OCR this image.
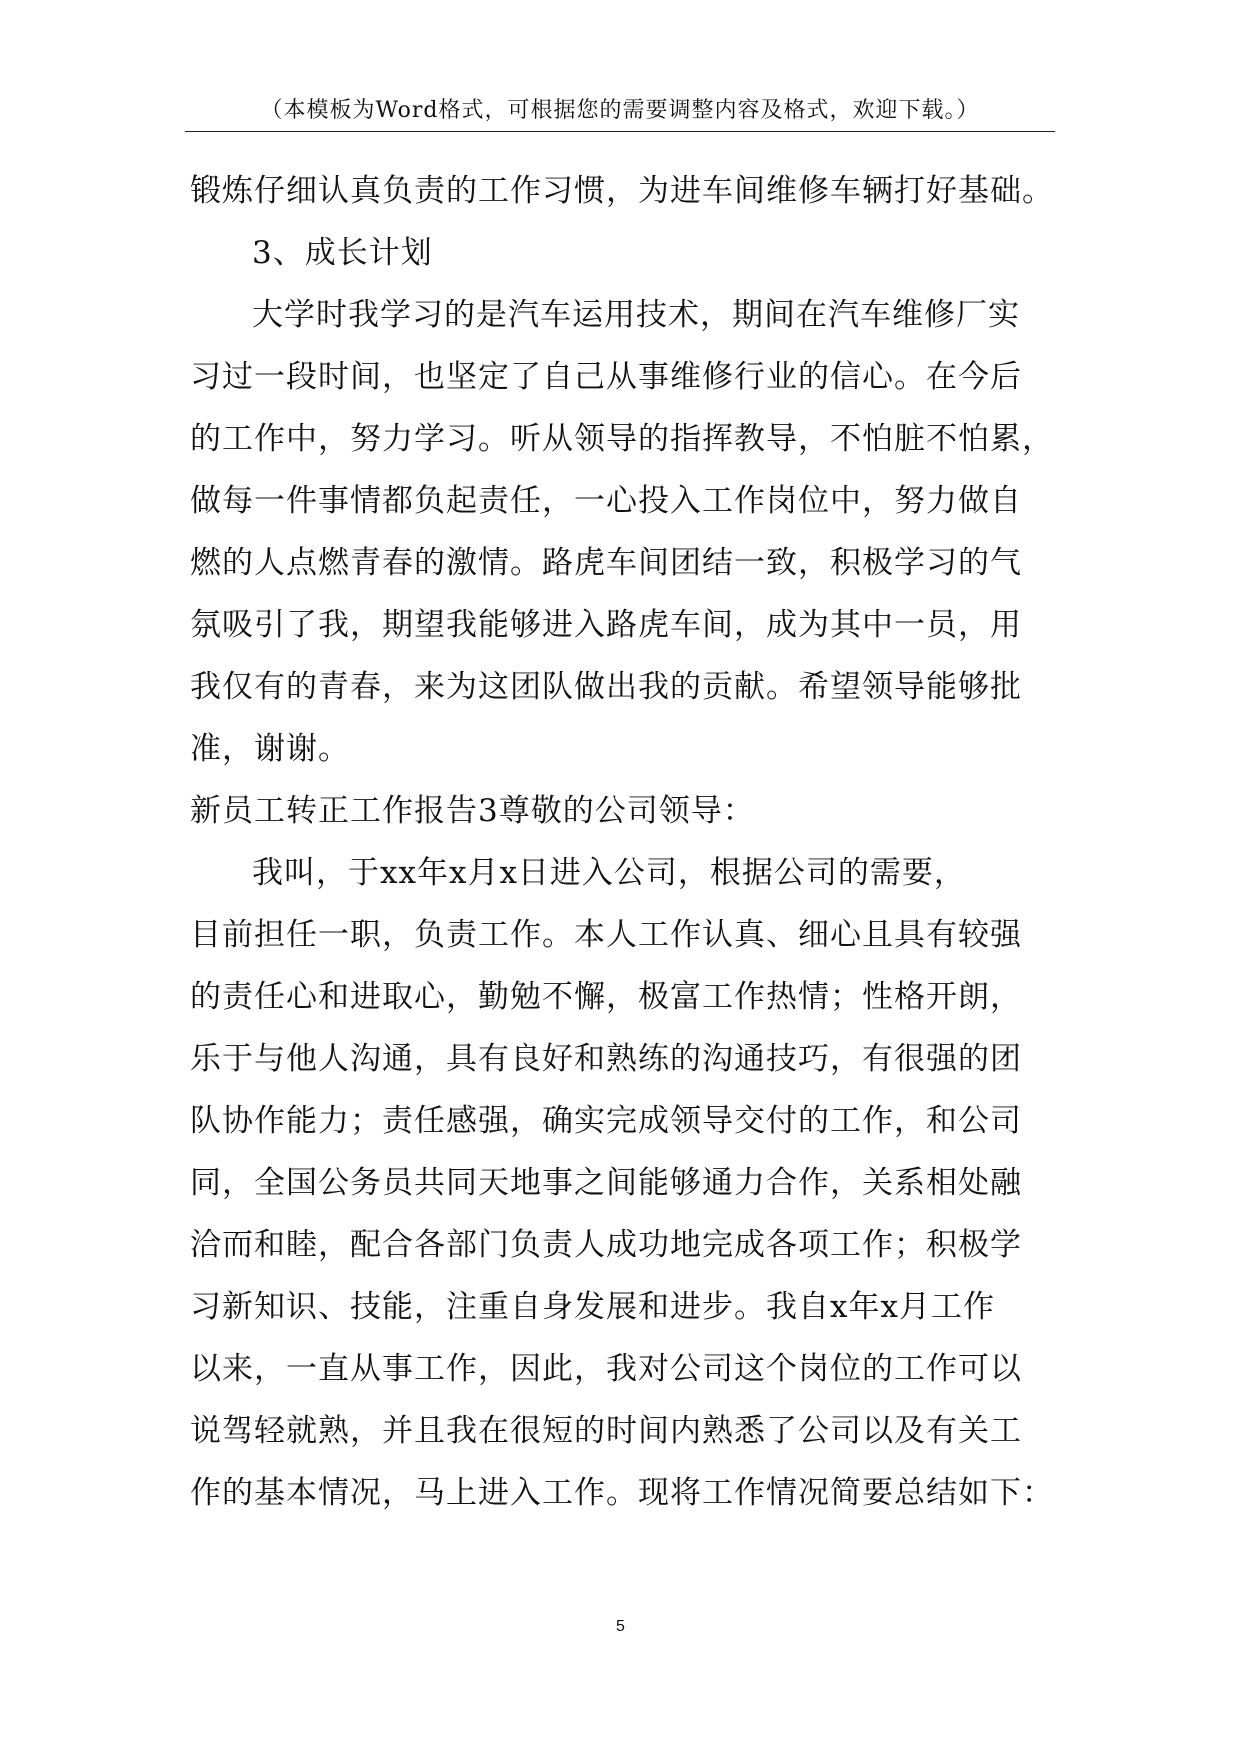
（本模板为Word格式，可根据您的需要调整内容及格式，欢迎下载。）
锻炼仔细认真负责的工作习惯，为进车间维修车辆打好基础。
3、成长计划
大学时我学习的是汽车运用技术，期间在汽车维修厂实
习过一段时间，也坚定了自己从事维修行业的信心。在今后
的工作中，努力学习。听从领导的指挥教导，不怕脏不怕累，
做每一件事情都负起责任，一心投入工作岗位中，努力做自
燃的人点燃青春的激情。路虎车间团结一致，积极学习的气
氛吸引了我，期望我能够进入路虎车间，成为其中一员，用
我仅有的青春，来为这团队做出我的贡献。希望领导能够批
准，谢谢。
新员工转正工作报告3尊敬的公司领导：
我叫，于xx年x月x日进入公司，根据公司的需要，
目前担任一职，负责工作。本人工作认真、细心且具有较强
的责任心和进取心，勤勉不懈，极富工作热情；性格开朗，
乐于与他人沟通，具有良好和熟练的沟通技巧，有很强的团
队协作能力；责任感强，确实完成领导交付的工作，和公司
同，全国公务员共同天地事之间能够通力合作，关系相处融
洽而和睦，配合各部门负责人成功地完成各项工作；积极学
习新知识、技能，注重自身发展和进步。我自x年x月工作
以来，一直从事工作，因此，我对公司这个岗位的工作可以
说驾轻就熟，并且我在很短的时间内熟悉了公司以及有关工
作的基本情况，马上进入工作。现将工作情况简要总结如下：
5
